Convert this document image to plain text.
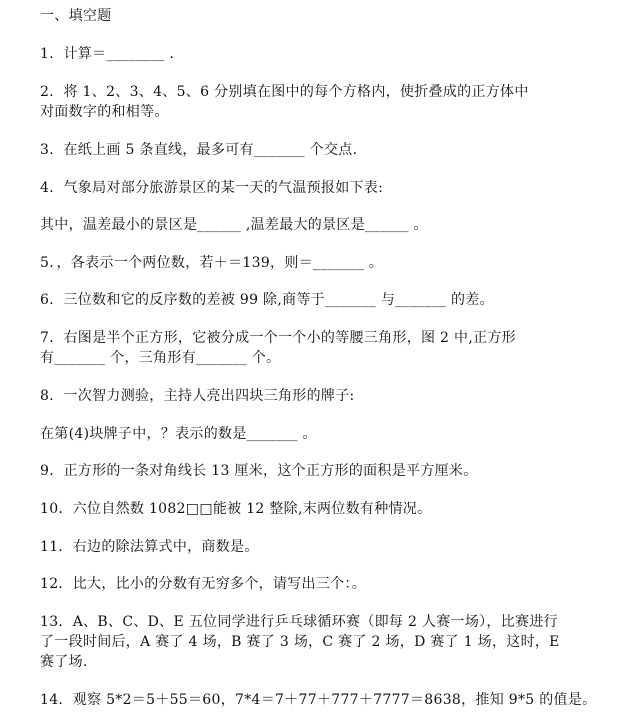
一、填空题
1．计算＝________ ．
2．将 1、2、3、4、5、6 分别填在图中的每个方格内，使折叠成的正方体中
对面数字的和相等。
3．在纸上画 5 条直线，最多可有_______ 个交点.
4．气象局对部分旅游景区的某一天的气温预报如下表:
其中，温差最小的景区是______ ,温差最大的景区是______ 。
5．，各表示一个两位数，若＋＝139，则＝_______ 。
6．三位数和它的反序数的差被 99 除,商等于_______ 与_______ 的差。
7．右图是半个正方形，它被分成一个一个小的等腰三角形，图 2 中,正方形
有_______ 个，三角形有_______ 个。
8．一次智力测验，主持人亮出四块三角形的牌子:
在第(4)块牌子中，？表示的数是_______ 。
9．正方形的一条对角线长 13 厘米，这个正方形的面积是平方厘米。
10．六位自然数 1082□□能被 12 整除,末两位数有种情况。
11．右边的除法算式中，商数是。
12．比大，比小的分数有无穷多个，请写出三个：。
13．A、B、C、D、E 五位同学进行乒乓球循环赛（即每 2 人赛一场），比赛进行
了一段时间后，A 赛了 4 场，B 赛了 3 场，C 赛了 2 场，D 赛了 1 场，这时，E
赛了场.
14．观察 5*2＝5＋55＝60，7*4＝7＋77＋777＋7777＝8638，推知 9*5 的值是。
